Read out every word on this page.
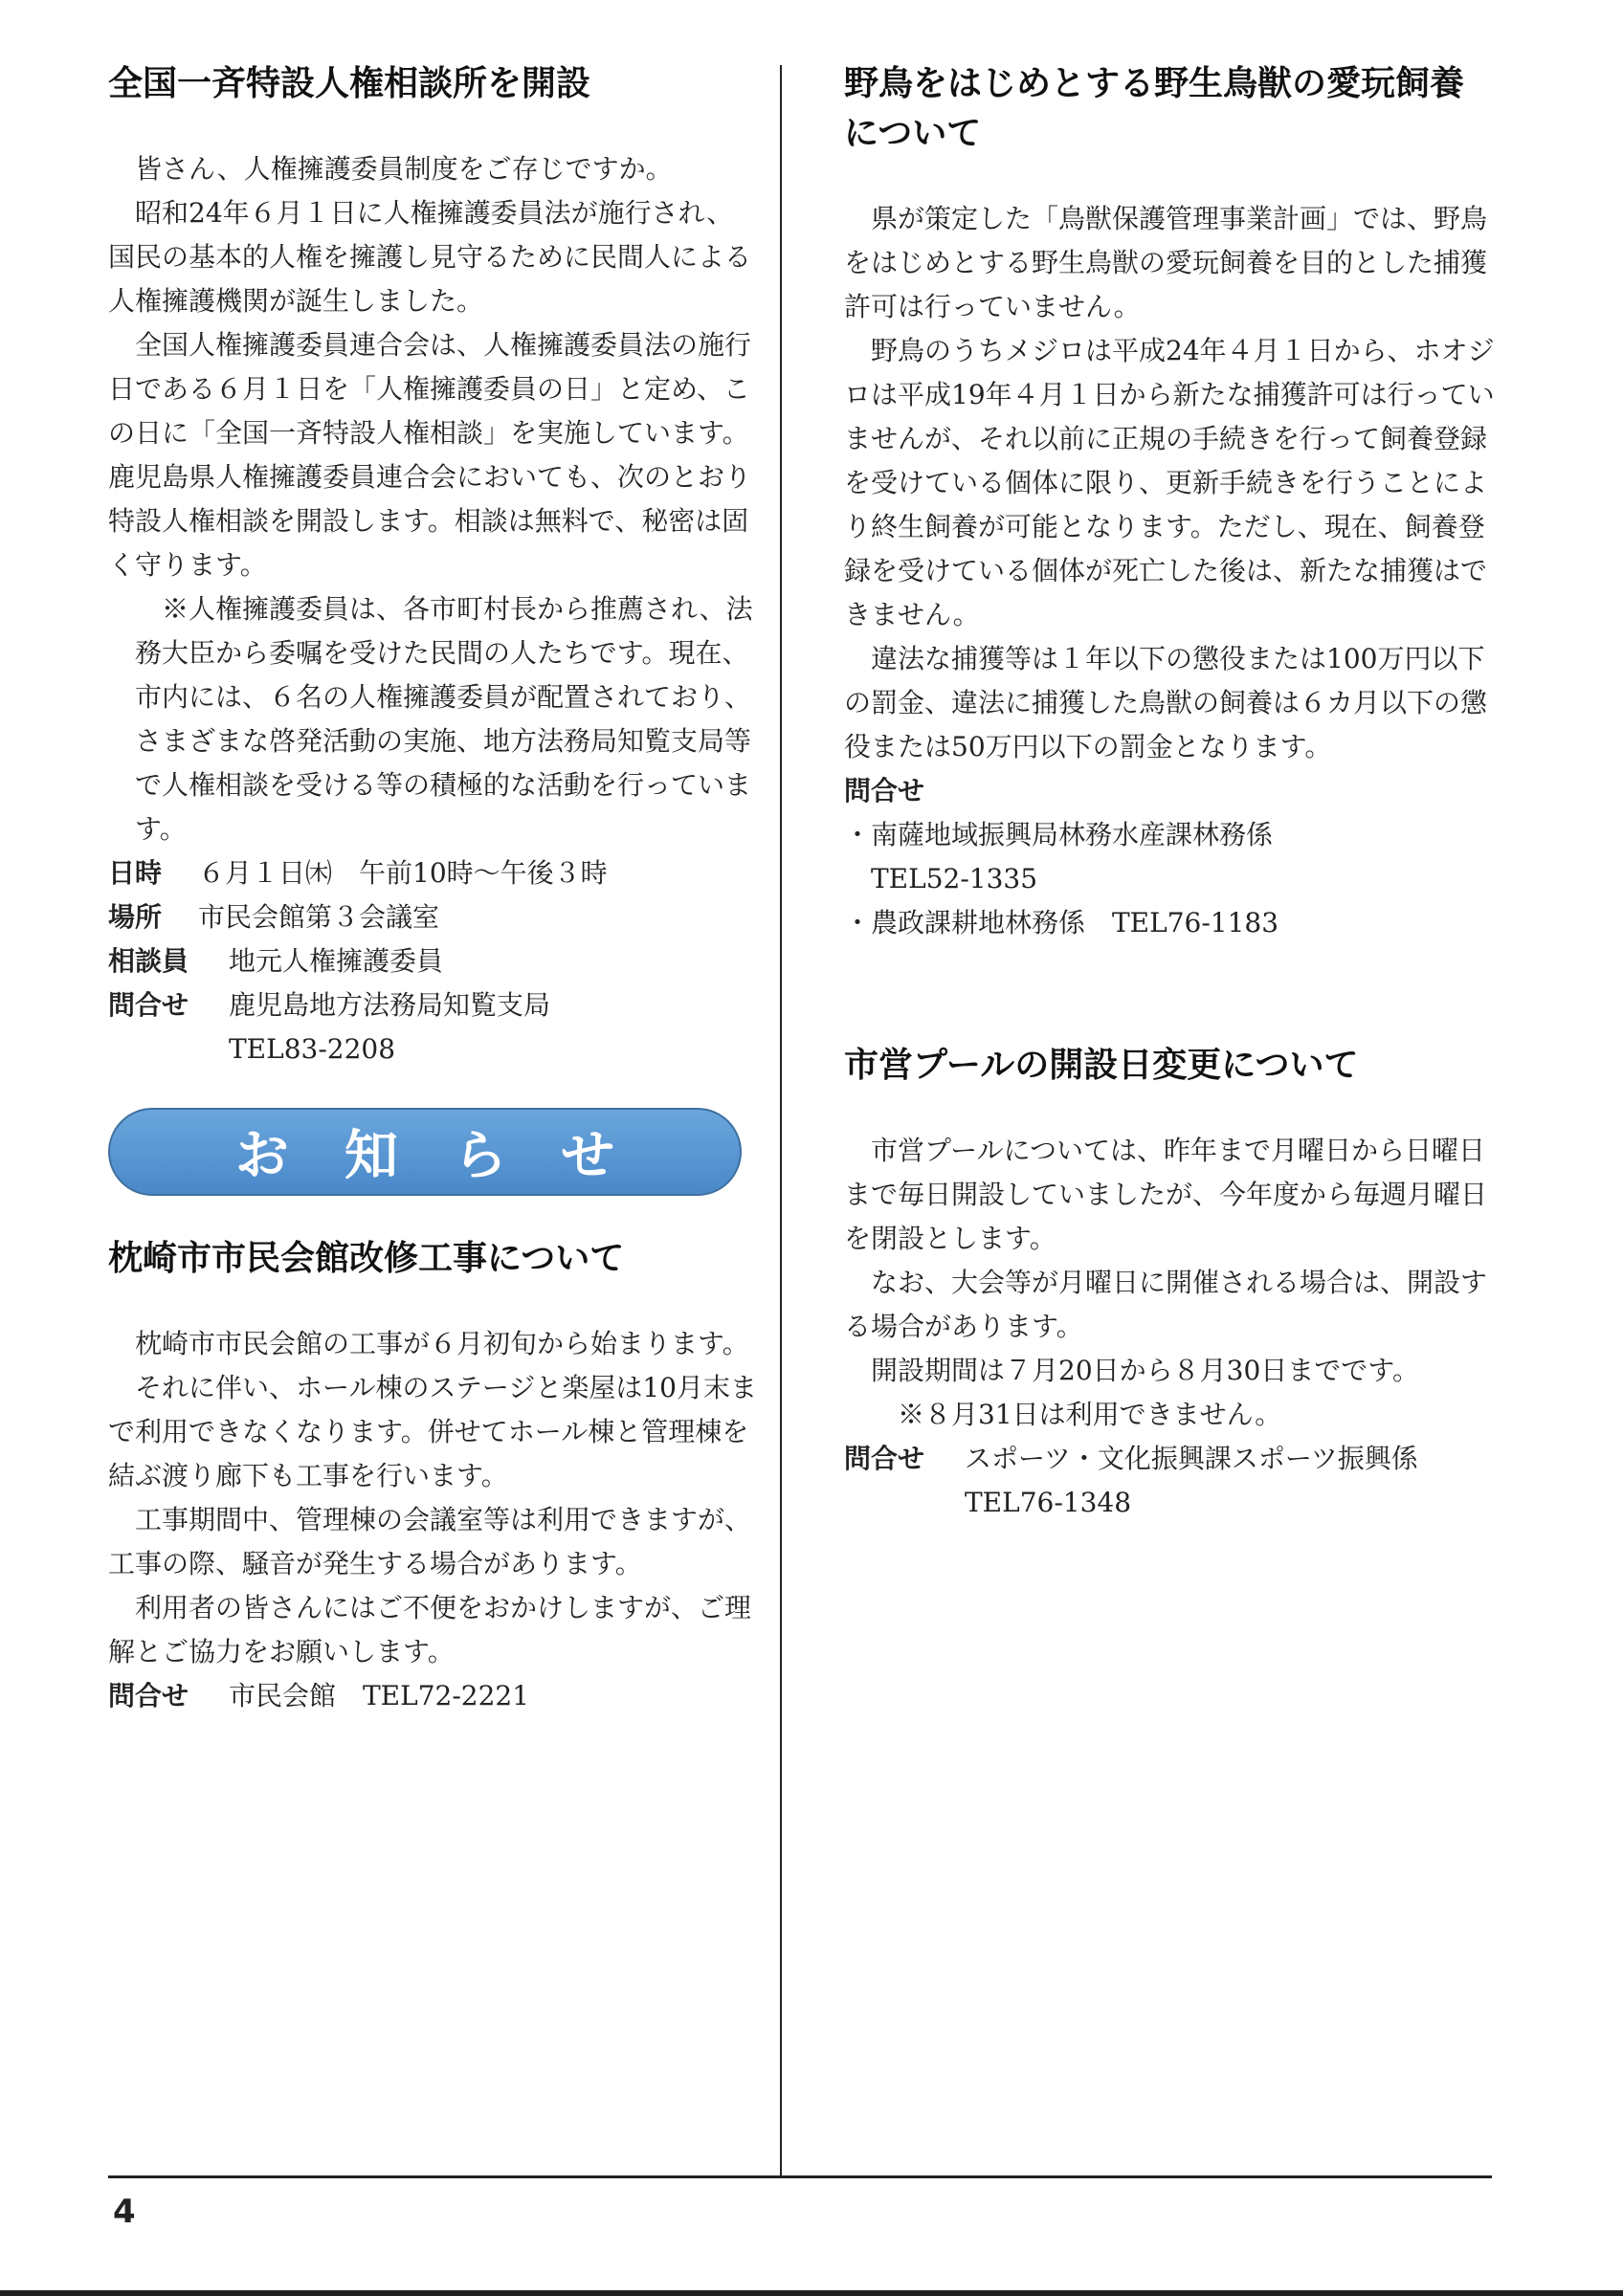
全国一斉特設人権相談所を開設

皆さん、人権擁護委員制度をご存じですか。

昭和24年６月１日に人権擁護委員法が施行され、国民の基本的人権を擁護し見守るために民間人による人権擁護機関が誕生しました。

全国人権擁護委員連合会は、人権擁護委員法の施行日である６月１日を「人権擁護委員の日」と定め、この日に「全国一斉特設人権相談」を実施しています。鹿児島県人権擁護委員連合会においても、次のとおり特設人権相談を開設します。相談は無料で、秘密は固く守ります。

※人権擁護委員は、各市町村長から推薦され、法務大臣から委嘱を受けた民間の人たちです。現在、市内には、６名の人権擁護委員が配置されており、さまざまな啓発活動の実施、地方法務局知覧支局等で人権相談を受ける等の積極的な活動を行っています。

日時	６月１日㈭　午前10時～午後３時
場所	市民会館第３会議室
相談員	地元人権擁護委員
問合せ	鹿児島地方法務局知覧支局
TEL83-2208
お知らせ
枕崎市市民会館改修工事について

枕崎市市民会館の工事が６月初旬から始まります。

それに伴い、ホール棟のステージと楽屋は10月末まで利用できなくなります。併せてホール棟と管理棟を結ぶ渡り廊下も工事を行います。

工事期間中、管理棟の会議室等は利用できますが、工事の際、騒音が発生する場合があります。

利用者の皆さんにはご不便をおかけしますが、ご理解とご協力をお願いします。

問合せ	市民会館　TEL72-2221
野鳥をはじめとする野生鳥獣の愛玩飼養について

県が策定した「鳥獣保護管理事業計画」では、野鳥をはじめとする野生鳥獣の愛玩飼養を目的とした捕獲許可は行っていません。

野鳥のうちメジロは平成24年４月１日から、ホオジロは平成19年４月１日から新たな捕獲許可は行っていませんが、それ以前に正規の手続きを行って飼養登録を受けている個体に限り、更新手続きを行うことにより終生飼養が可能となります。ただし、現在、飼養登録を受けている個体が死亡した後は、新たな捕獲はできません。

違法な捕獲等は１年以下の懲役または100万円以下の罰金、違法に捕獲した鳥獣の飼養は６カ月以下の懲役または50万円以下の罰金となります。

問合せ

・南薩地域振興局林務水産課林務係

TEL52-1335

・農政課耕地林務係　TEL76-1183

市営プールの開設日変更について

市営プールについては、昨年まで月曜日から日曜日まで毎日開設していましたが、今年度から毎週月曜日を閉設とします。

なお、大会等が月曜日に開催される場合は、開設する場合があります。

開設期間は７月20日から８月30日までです。

※８月31日は利用できません。

問合せ	スポーツ・文化振興課スポーツ振興係
TEL76-1348
4
